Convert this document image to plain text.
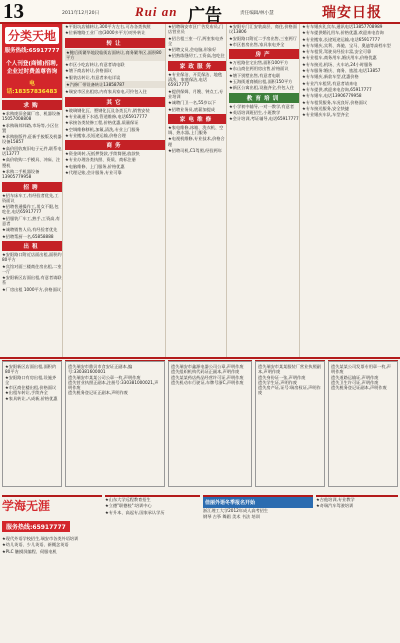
13	2011年12月20日	Rui an 广告	责任编辑/林小慧	瑞安日报
分类天地
服务热线:65917777
个人刊登(商铺)招聘,企业过时费盖尊咨询
电话:18357836483
求购
★求购废旧金属厂房、机器设备15057008808
★求购瑞邦邦路,市场等,小区位置
★求购胶版件,征新手胶版及机器设备15857
★高价回收废旧电子元件,联系电话13777
★高价收购二手模具、冲床、注塑机
★求购二手机器设备 13905779958
招聘
★招车床车工,有经验者优先,工资面议
★招聘普通操作工,男女不限,包吃住,电话65917777
★招服装厂车工,熟手,工资高,有意者
★诚聘销售人员,有经验者优先
★招聘帮厨一名,65858888
出租
★安阳路口附近店面出租,面积约80平方
★宾馆对面三楼商住房出租,二室一厅
★安阳新区店面出租,有意者请联系
★厂房出租 1000平方,价格面议
★平阳坑店铺转让,300平方左右,可办各类执照
★位新塘路工业厂房(3000多平方)对外转让
转让
★鲍后街繁华地段临街店面转让,商务繁华区,面积80平方
★市区小吃店转让,有意者请电联
★塘下商店转让,价格面议
★服装店转让,有意者来电详谈
★汽修厂带设备转让13858787
★瑞安市区出租房,内有家具家电,可拎包入住
其它
★玻璃钢化瓦、塑钢化瓦及各类瓦片,销售安装
★专业疏通下水道,管道维修,电话65917777
★承接各类装修工程,价格优惠,质量保证
★空调维修移机,加氟,清洗,专业上门服务
★专业搬家,长短途运输,价格合理
商务
★资金周转,无抵押贷款,手续简便,放款快
★专业办理各类执照、资质、商标注册
★电脑维修、上门服务,价格优惠
★代理记账,会计服务,专业可靠
★招聘瑞安市区广告发布员,门店营业员
★招合租三室一厅,两室家电齐全
★招聘文员,会电脑,形象好
★招熟练缝纫工,工资高,包吃住
家政服务
★专业保洁、开荒保洁、地毯清洗、家庭保洁,电话65917777
★提供保姆、月嫂、钟点工,专业培训
★诚聘门卫一名,55岁以下
★招聘业务员,底薪加提成
家电维修
★家电维修,冰箱、洗衣机、空调、热水器,上门服务
★电视机维修,专业技术,价格合理
★招聘司机,C1驾照,经验两年
★安阳专门汇安装高层、商住,价格面议13806
★安阳路口附近二手房出售,三室两厅
★市区套房出售,家具家电齐全
房产
★万松路住宅出售,面积100平方
★东山商住两用房出售,价格面议
★塘下别墅出售,有意者电联
★玉海街道商铺出租,面积150平方
★新区公寓出租,设施齐全,拎包入住
教育培训
★小学初中辅导,一对一教学,有意者
★英语培训班招生,小班教学
★会计培训,考证辅导,电话65917777
★专车婚庆礼宾车,通讯电话13857708989
★专车提供婚礼用车,价格优惠,欢迎来电咨询
★专业搬家,长途短途运输,电话65917777
★专车婚庆,宾利、奔驰、宝马、奥迪等高档车型
★专车租赁,驾驶员经验丰富,安全可靠
★专业租车,商务用车,婚庆用车,价格优惠
★专车接送,机场、火车站,24小时服务
★专车服务:婚庆、商务、旅游,电话13857
★专车婚庆,新款车型,优惠价格
★专业汽车租赁,有意者请来电
★专车提供,欢迎来电咨询,65917777
★专车婚车,电话13906779958
★专车租赁服务,车况良好,价格面议
★专车接送服务,安全快捷
★专业婚庆车队,车型齐全
★安阳新区店面出租,面积约80平方
★安阳路口有房出租,设施齐全
★市区商住楼出租,价格面议
★出租车转让,手续齐全
★家具转让,八成新,价格优惠
遗失瑞安市鼎贝市食安证正副本,编号:330381600001
遗失瑞安市某某公司公章一枚,声明作废
遗失营业执照正副本,注册号:330381000021,声明作废
遗失税务登记证正副本,声明作废
遗失瑞安市鑫源电器公司公章,声明作废
遗失组织机构代码证正副本,声明作废
遗失某某药店药品经营许可证,声明作废
遗失机动车行驶证,车牌号浙C,声明作废
遗失瑞安市某某服装厂营业执照副本,声明作废
遗失身份证一张,声明作废
遗失学生证,声明作废
遗失房产证,证号:瑞房权证,声明作废
遗失某某公司发票专用章一枚,声明作废
遗失道路运输证,声明作废
遗失卫生许可证,声明作废
遗失税务登记证副本,声明作废
学海无涯
服务热线:65917777
★现代外语学校招生,瑞安市各类外语培训
★幼儿英语、少儿英语、新概念英语
★PLC 触摸屏编程、伺服电机
★山东大学远程教育招生
★立德"职德校":培训中心
★专升本、高起专,国家承认学历
佳丽外语冬季报名开始
浙江理工大学2012年成人高考招生
钢琴 古筝 舞蹈 美术 书法 培训
★吉他培训,专业教学
★奇瑞汽车驾驶培训
